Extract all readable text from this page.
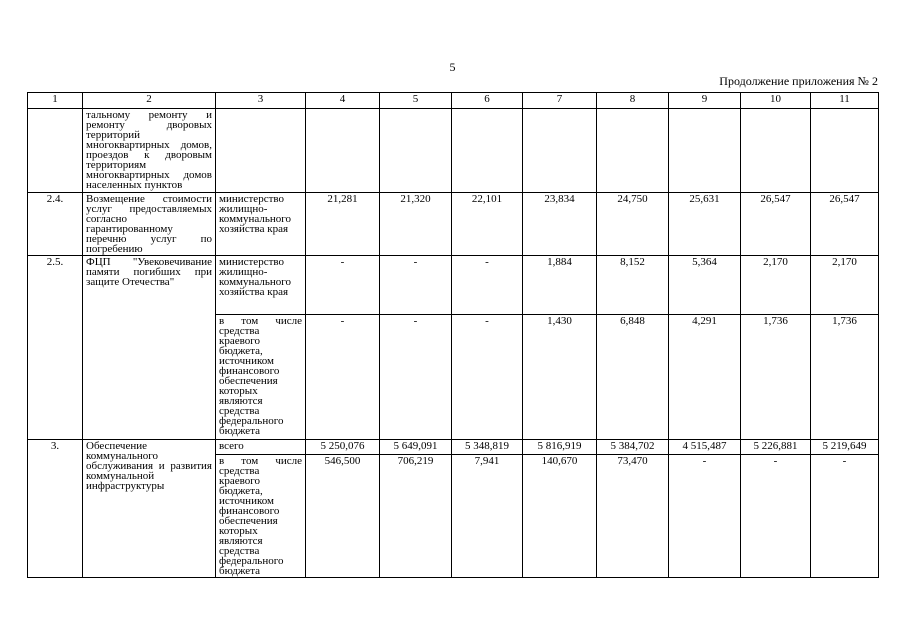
5
Продолжение приложения № 2
1	2	3	4	5	6	7	8	9	10	11
	тальному ремонту и ремонту дворовых территорий многоквартирных домов, проездов к дворовым территориям многоквартирных домов населенных пунктов									
2.4.	Возмещение стоимости услуг предоставляемых согласно гарантированному перечню услуг по погребению	министерство жилищно-коммунального хозяйства края	21,281	21,320	22,101	23,834	24,750	25,631	26,547	26,547
2.5.	ФЦП "Увековечивание памяти погибших при защите Отечества"	министерство жилищно-коммунального хозяйства края	-	-	-	1,884	8,152	5,364	2,170	2,170
		в том числе средства краевого бюджета, источником финансового обеспечения которых являются средства федерального бюджета	-	-	-	1,430	6,848	4,291	1,736	1,736
3.	Обеспечение коммунального обслуживания и развития коммунальной инфраструктуры	всего	5 250,076	5 649,091	5 348,819	5 816,919	5 384,702	4 515,487	5 226,881	5 219,649
		в том числе средства краевого бюджета, источником финансового обеспечения которых являются средства федерального бюджета	546,500	706,219	7,941	140,670	73,470	-	-	-
